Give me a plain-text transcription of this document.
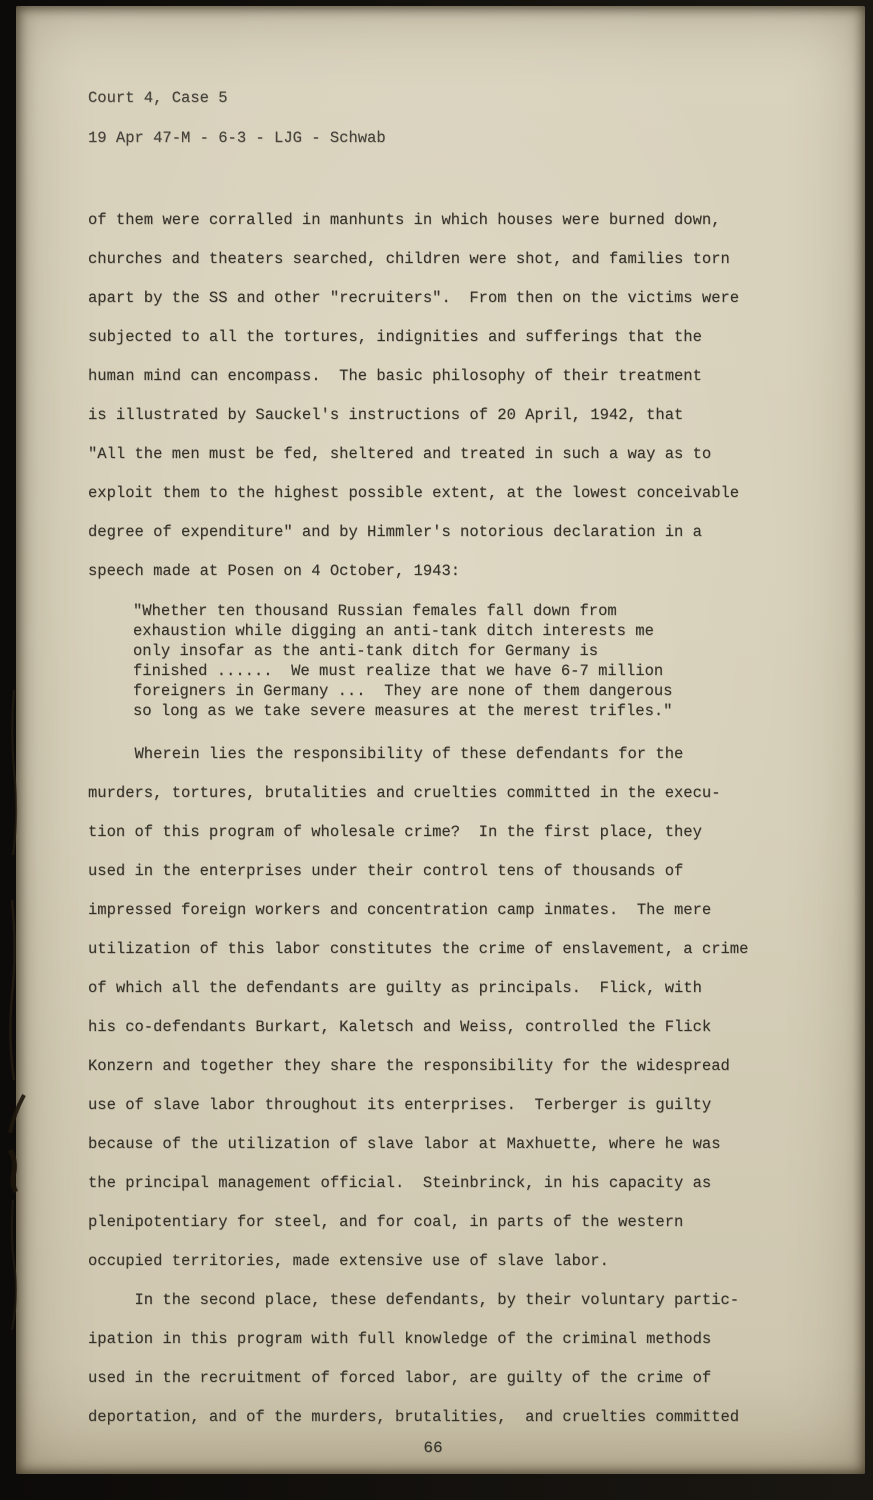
Court 4, Case 5
19 Apr 47-M - 6-3 - LJG - Schwab
of them were corralled in manhunts in which houses were burned down,
churches and theaters searched, children were shot, and families torn
apart by the SS and other "recruiters".  From then on the victims were
subjected to all the tortures, indignities and sufferings that the
human mind can encompass.  The basic philosophy of their treatment
is illustrated by Sauckel's instructions of 20 April, 1942, that
"All the men must be fed, sheltered and treated in such a way as to
exploit them to the highest possible extent, at the lowest conceivable
degree of expenditure" and by Himmler's notorious declaration in a
speech made at Posen on 4 October, 1943:
"Whether ten thousand Russian females fall down from
exhaustion while digging an anti-tank ditch interests me
only insofar as the anti-tank ditch for Germany is
finished ......  We must realize that we have 6-7 million
foreigners in Germany ...  They are none of them dangerous
so long as we take severe measures at the merest trifles."
Wherein lies the responsibility of these defendants for the
murders, tortures, brutalities and cruelties committed in the execu-
tion of this program of wholesale crime?  In the first place, they
used in the enterprises under their control tens of thousands of
impressed foreign workers and concentration camp inmates.  The mere
utilization of this labor constitutes the crime of enslavement, a crime
of which all the defendants are guilty as principals.  Flick, with
his co-defendants Burkart, Kaletsch and Weiss, controlled the Flick
Konzern and together they share the responsibility for the widespread
use of slave labor throughout its enterprises.  Terberger is guilty
because of the utilization of slave labor at Maxhuette, where he was
the principal management official.  Steinbrinck, in his capacity as
plenipotentiary for steel, and for coal, in parts of the western
occupied territories, made extensive use of slave labor.
In the second place, these defendants, by their voluntary partic-
ipation in this program with full knowledge of the criminal methods
used in the recruitment of forced labor, are guilty of the crime of
deportation, and of the murders, brutalities,  and cruelties committed
66
